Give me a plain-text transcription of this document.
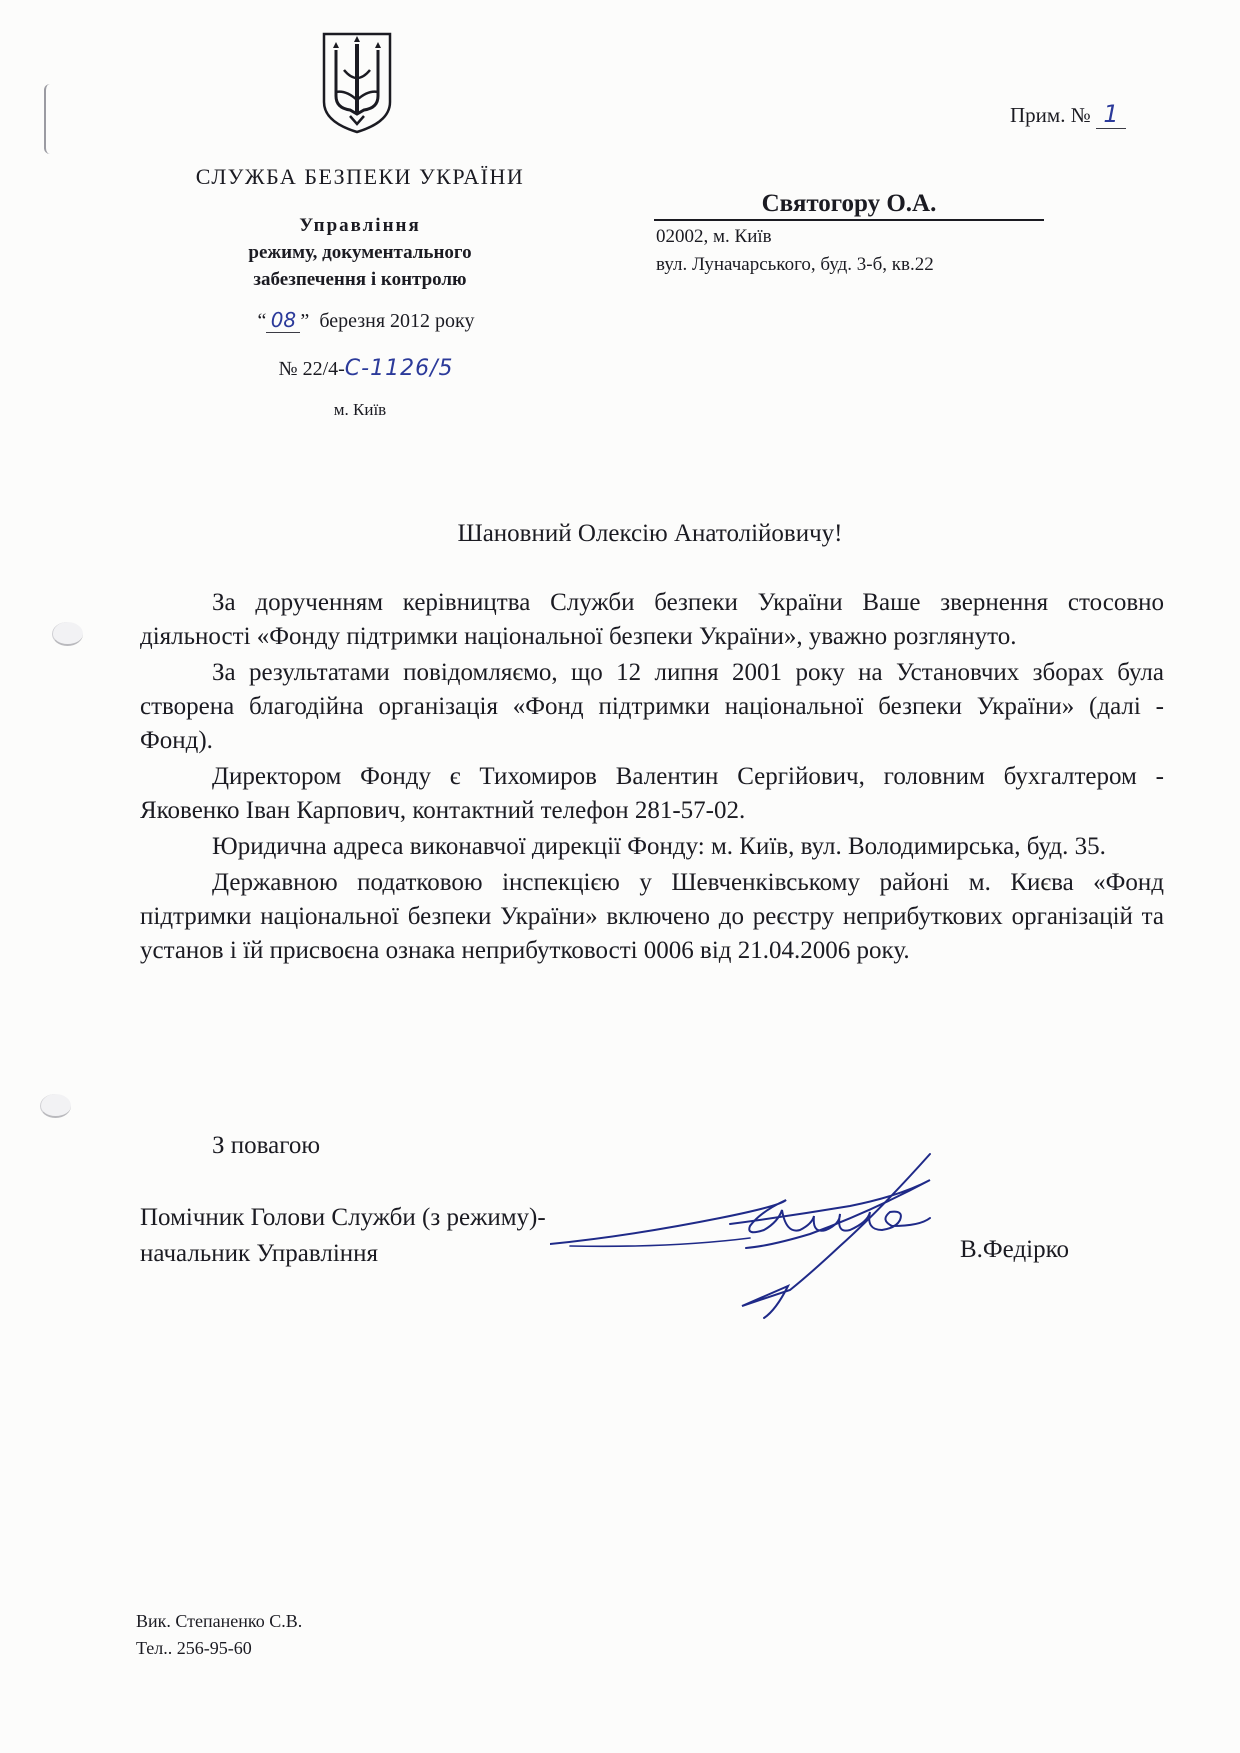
СЛУЖБА БЕЗПЕКИ УКРАЇНИ
Управління
режиму, документального
забезпечення і контролю
“ 08 ” березня 2012 року
№ 22/4-С-1126/5
м. Київ
Прим. № 1
Святогору О.А.
02002, м. Київ
вул. Луначарського, буд. 3-б, кв.22
Шановний Олексію Анатолійовичу!

За дорученням керівництва Служби безпеки України Ваше звернення стосовно діяльності «Фонду підтримки національної безпеки України», уважно розглянуто.

За результатами повідомляємо, що 12 липня 2001 року на Установчих зборах була створена благодійна організація «Фонд підтримки національної безпеки України» (далі - Фонд).

Директором Фонду є Тихомиров Валентин Сергійович, головним бухгалтером - Яковенко Іван Карпович, контактний телефон 281-57-02.

Юридична адреса виконавчої дирекції Фонду: м. Київ, вул. Володимирська, буд. 35.

Державною податковою інспекцією у Шевченківському районі м. Києва «Фонд підтримки національної безпеки України» включено до реєстру неприбуткових організацій та установ і їй присвоєна ознака неприбутковості 0006 від 21.04.2006 року.

З повагою
Помічник Голови Служби (з режиму)-
начальник Управління	В.Федірко
Вик. Степаненко С.В.
Тел.. 256-95-60
